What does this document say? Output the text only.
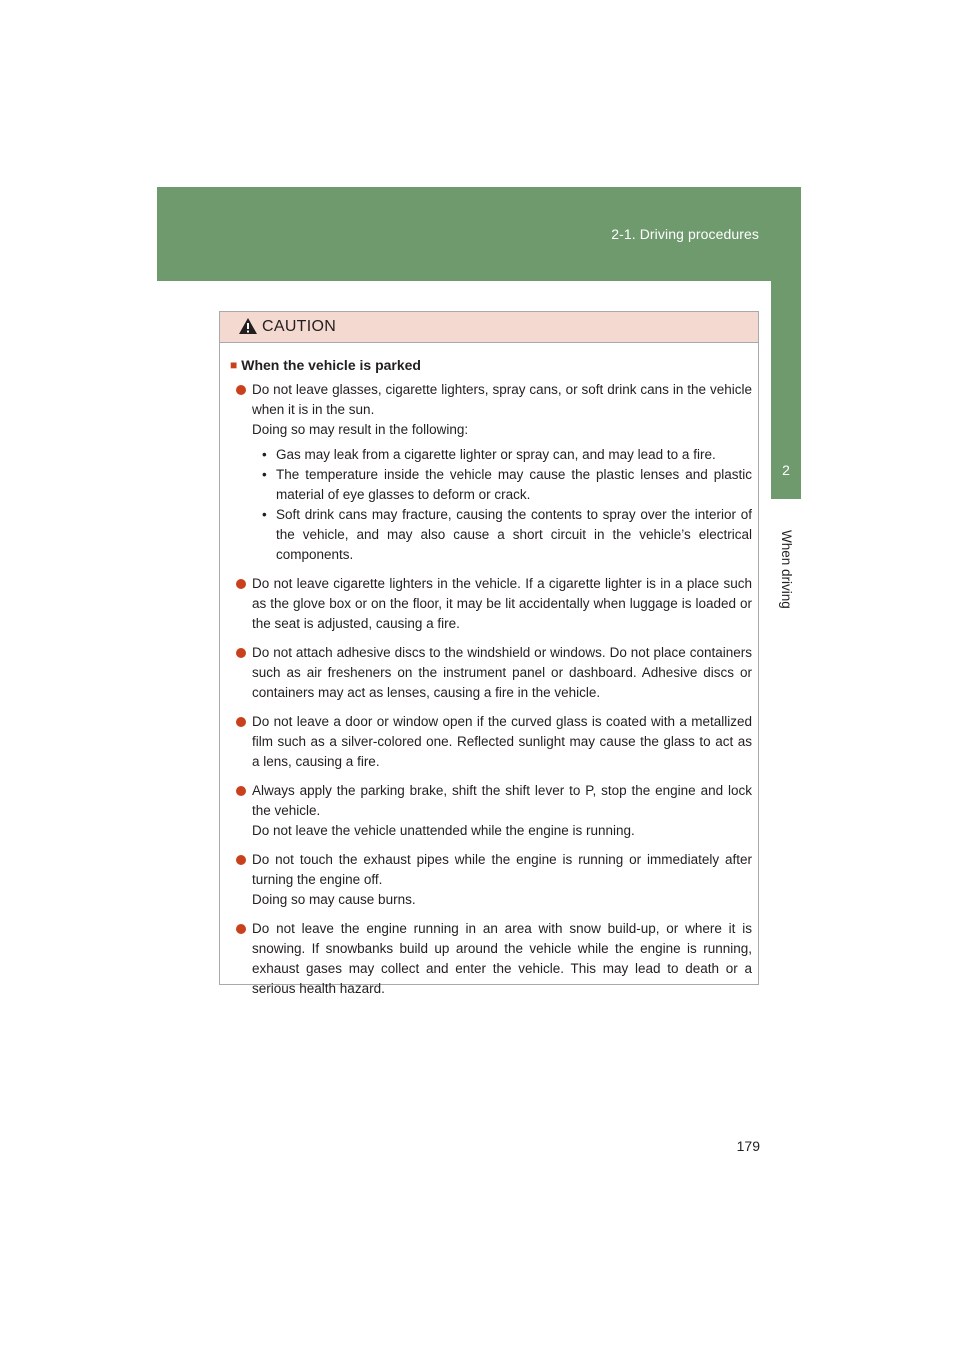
2-1. Driving procedures
2
When driving
CAUTION
■ When the vehicle is parked
Do not leave glasses, cigarette lighters, spray cans, or soft drink cans in the vehicle when it is in the sun.
Doing so may result in the following:
• Gas may leak from a cigarette lighter or spray can, and may lead to a fire.
• The temperature inside the vehicle may cause the plastic lenses and plastic material of eye glasses to deform or crack.
• Soft drink cans may fracture, causing the contents to spray over the interior of the vehicle, and may also cause a short circuit in the vehicle’s electrical components.
Do not leave cigarette lighters in the vehicle. If a cigarette lighter is in a place such as the glove box or on the floor, it may be lit accidentally when luggage is loaded or the seat is adjusted, causing a fire.
Do not attach adhesive discs to the windshield or windows. Do not place containers such as air fresheners on the instrument panel or dashboard. Adhesive discs or containers may act as lenses, causing a fire in the vehicle.
Do not leave a door or window open if the curved glass is coated with a metallized film such as a silver-colored one. Reflected sunlight may cause the glass to act as a lens, causing a fire.
Always apply the parking brake, shift the shift lever to P, stop the engine and lock the vehicle.
Do not leave the vehicle unattended while the engine is running.
Do not touch the exhaust pipes while the engine is running or immediately after turning the engine off.
Doing so may cause burns.
Do not leave the engine running in an area with snow build-up, or where it is snowing. If snowbanks build up around the vehicle while the engine is running, exhaust gases may collect and enter the vehicle. This may lead to death or a serious health hazard.
179
